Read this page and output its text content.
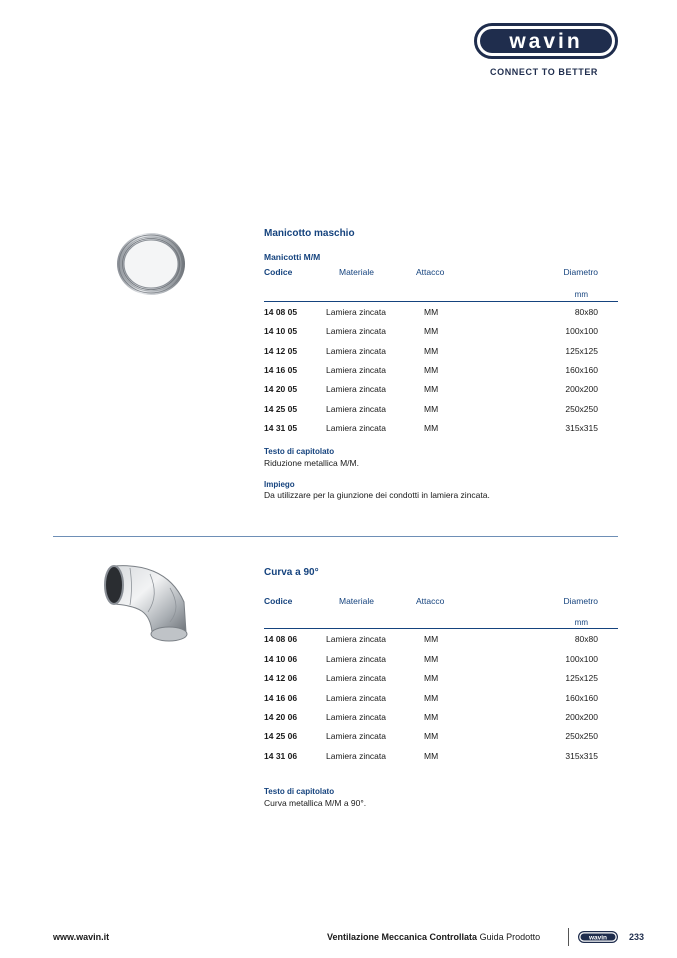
wavin
CONNECT TO BETTER
Manicotto maschio
Manicotti M/M
Codice	Materiale	Attacco	Diametro
mm
14 08 05	Lamiera zincata	MM	80x80
14 10 05	Lamiera zincata	MM	100x100
14 12 05	Lamiera zincata	MM	125x125
14 16 05	Lamiera zincata	MM	160x160
14 20 05	Lamiera zincata	MM	200x200
14 25 05	Lamiera zincata	MM	250x250
14 31 05	Lamiera zincata	MM	315x315
Testo di capitolato
Riduzione metallica M/M.
Impiego
Da utilizzare per la giunzione dei condotti in lamiera zincata.
Curva a 90°
Codice	Materiale	Attacco	Diametro
mm
14 08 06	Lamiera zincata	MM	80x80
14 10 06	Lamiera zincata	MM	100x100
14 12 06	Lamiera zincata	MM	125x125
14 16 06	Lamiera zincata	MM	160x160
14 20 06	Lamiera zincata	MM	200x200
14 25 06	Lamiera zincata	MM	250x250
14 31 06	Lamiera zincata	MM	315x315
Testo di capitolato
Curva metallica M/M a 90°.
www.wavin.it	Ventilazione Meccanica Controllata Guida Prodotto	wavin 233
